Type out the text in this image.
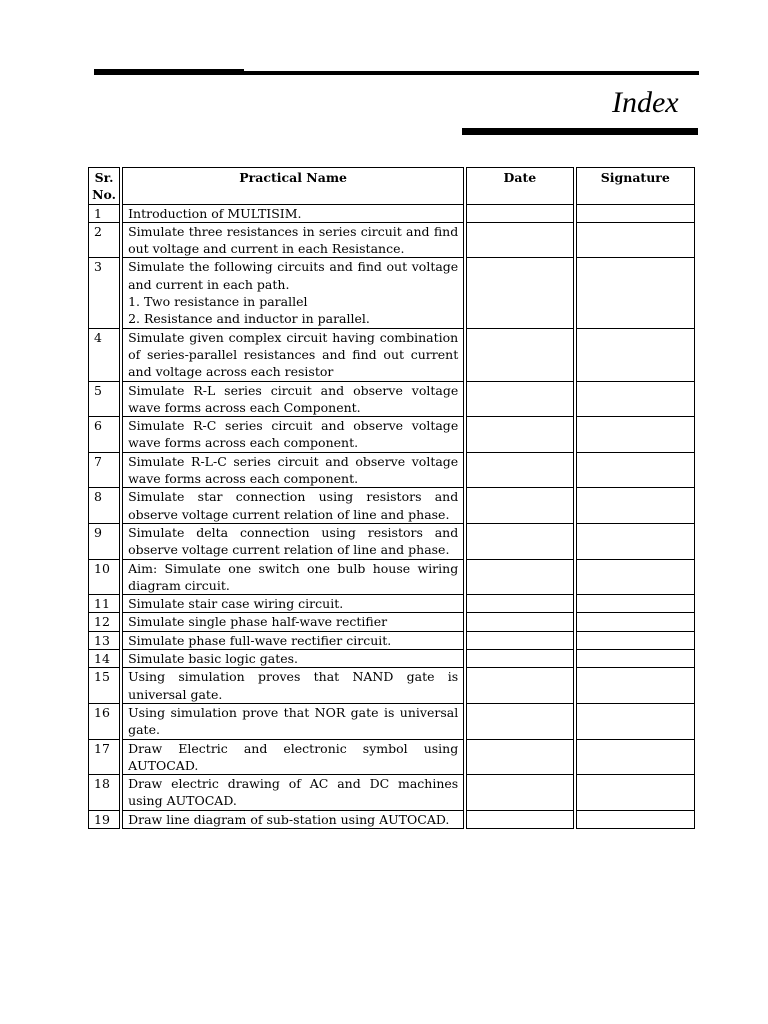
Index
Sr. No.	Practical Name	Date	Signature
1	Introduction of MULTISIM.		

2	Simulate three resistances in series circuit and find out voltage and current in each Resistance.		

3	Simulate the following circuits and find out voltage and current in each path.
1. Two resistance in parallel
2. Resistance and inductor in parallel.		

4	Simulate given complex circuit having combination of series-parallel resistances and find out current and voltage across each resistor		

5	Simulate R-L series circuit and observe voltage wave forms across each Component.		

6	Simulate R-C series circuit and observe voltage wave forms across each component.		

7	Simulate R-L-C series circuit and observe voltage wave forms across each component.		

8	Simulate star connection using resistors and observe voltage current relation of line and phase.		

9	Simulate delta connection using resistors and observe voltage current relation of line and phase.		

10	Aim: Simulate one switch one bulb house wiring diagram circuit.		

11	Simulate stair case wiring circuit.		

12	Simulate single phase half-wave rectifier		

13	Simulate phase full-wave rectifier circuit.		

14	Simulate basic logic gates.		

15	Using simulation proves that NAND gate is universal gate.		

16	Using simulation prove that NOR gate is universal gate.		

17	Draw Electric and electronic symbol using AUTOCAD.		

18	Draw electric drawing of AC and DC machines using AUTOCAD.		

19	Draw line diagram of sub-station using AUTOCAD.		
